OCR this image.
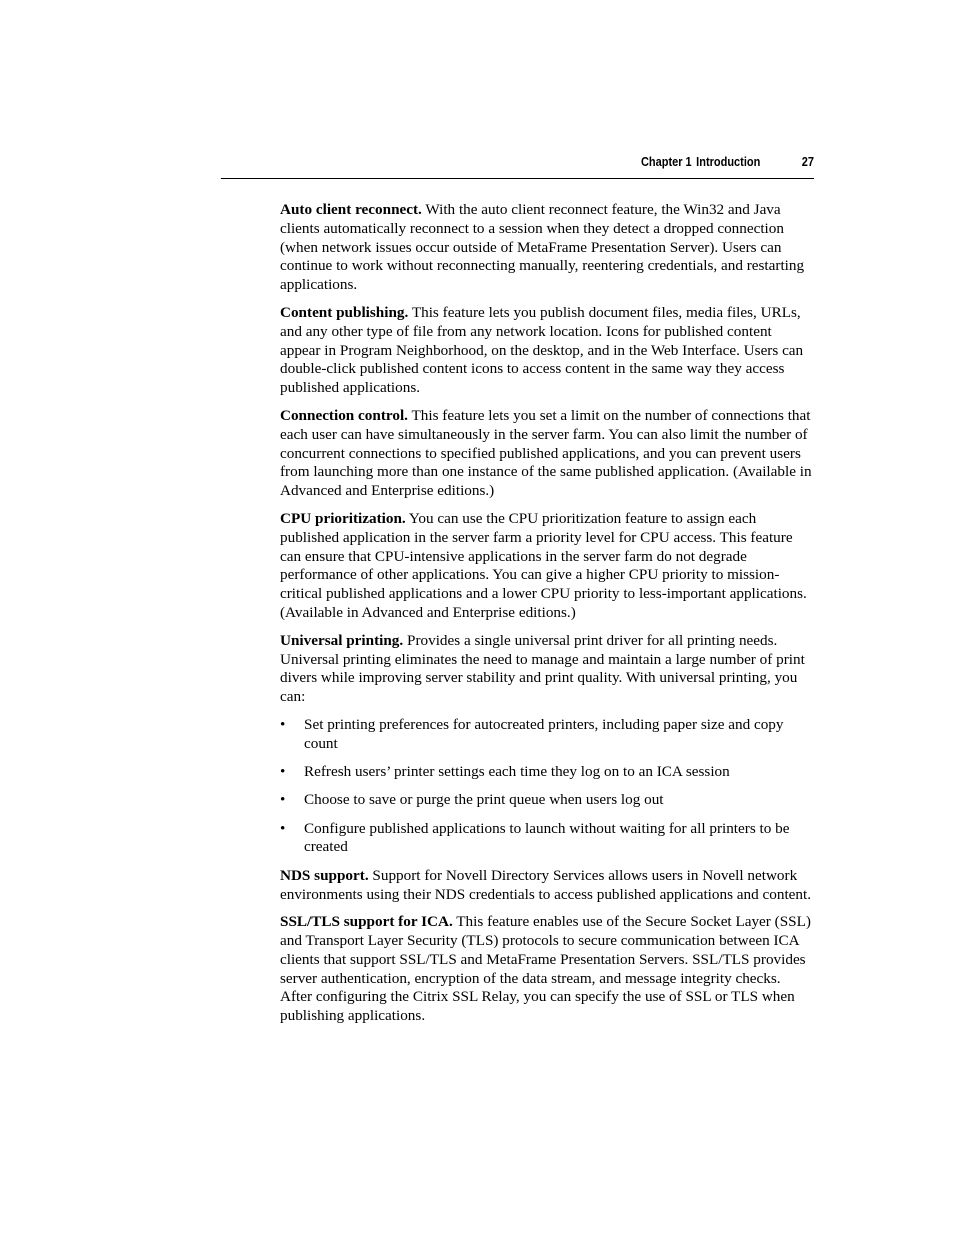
Chapter 1 Introduction	27

Auto client reconnect. With the auto client reconnect feature, the Win32 and Java clients automatically reconnect to a session when they detect a dropped connection (when network issues occur outside of MetaFrame Presentation Server). Users can continue to work without reconnecting manually, reentering credentials, and restarting applications.

Content publishing. This feature lets you publish document files, media files, URLs, and any other type of file from any network location. Icons for published content appear in Program Neighborhood, on the desktop, and in the Web Interface. Users can double-click published content icons to access content in the same way they access published applications.

Connection control. This feature lets you set a limit on the number of connections that each user can have simultaneously in the server farm. You can also limit the number of concurrent connections to specified published applications, and you can prevent users from launching more than one instance of the same published application. (Available in Advanced and Enterprise editions.)

CPU prioritization. You can use the CPU prioritization feature to assign each published application in the server farm a priority level for CPU access. This feature can ensure that CPU-intensive applications in the server farm do not degrade performance of other applications. You can give a higher CPU priority to mission-critical published applications and a lower CPU priority to less-important applications. (Available in Advanced and Enterprise editions.)

Universal printing. Provides a single universal print driver for all printing needs. Universal printing eliminates the need to manage and maintain a large number of print divers while improving server stability and print quality. With universal printing, you can:

• Set printing preferences for autocreated printers, including paper size and copy count
• Refresh users’ printer settings each time they log on to an ICA session
• Choose to save or purge the print queue when users log out
• Configure published applications to launch without waiting for all printers to be created

NDS support. Support for Novell Directory Services allows users in Novell network environments using their NDS credentials to access published applications and content.

SSL/TLS support for ICA. This feature enables use of the Secure Socket Layer (SSL) and Transport Layer Security (TLS) protocols to secure communication between ICA clients that support SSL/TLS and MetaFrame Presentation Servers. SSL/TLS provides server authentication, encryption of the data stream, and message integrity checks. After configuring the Citrix SSL Relay, you can specify the use of SSL or TLS when publishing applications.
